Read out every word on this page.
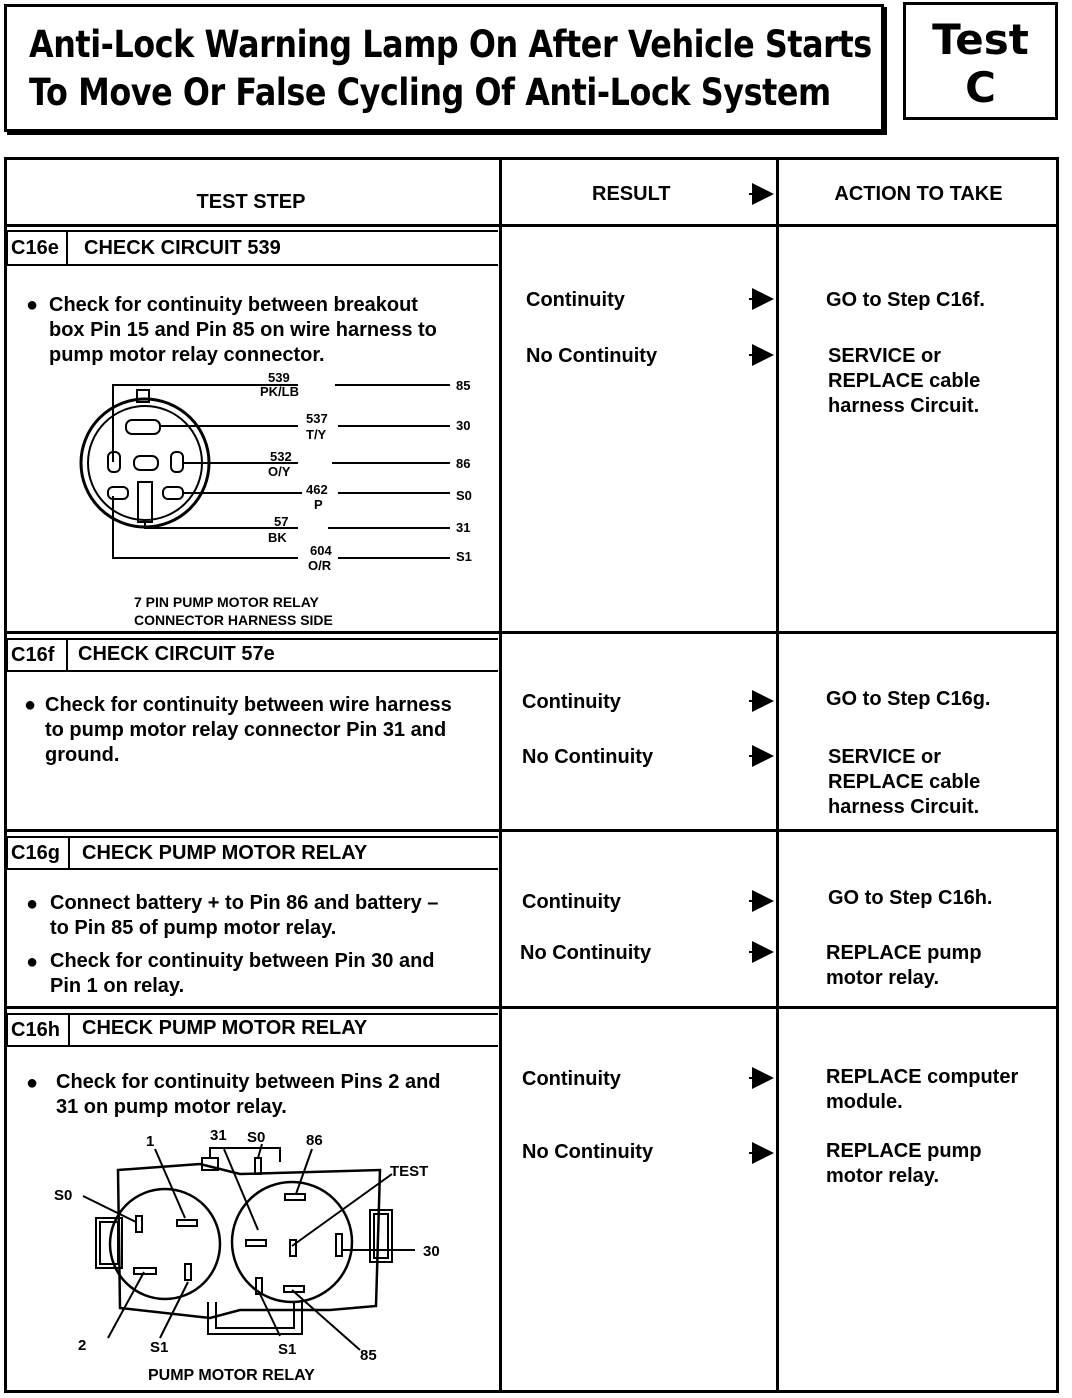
Anti-Lock Warning Lamp On After Vehicle Starts
To Move Or False Cycling Of Anti-Lock System
Test
C
TEST STEP	RESULT	ACTION TO TAKE
C16e CHECK CIRCUIT 539
● Check for continuity between breakout
box Pin 15 and Pin 85 on wire harness to
pump motor relay connector.
539
PK/LB	85
537
T/Y
30
532
O/Y
86
462
P
S0
57
BK
31
604
O/R
S1
7 PIN PUMP MOTOR RELAY
CONNECTOR HARNESS SIDE
Continuity	GO to Step C16f.
No Continuity	SERVICE or
REPLACE cable
harness Circuit.
C16f CHECK CIRCUIT 57e
● Check for continuity between wire harness
to pump motor relay connector Pin 31 and
ground.
Continuity	GO to Step C16g.
No Continuity	SERVICE or
REPLACE cable
harness Circuit.
C16g CHECK PUMP MOTOR RELAY
● Connect battery + to Pin 86 and battery –
to Pin 85 of pump motor relay.
● Check for continuity between Pin 30 and
Pin 1 on relay.
Continuity	GO to Step C16h.
No Continuity	REPLACE pump
motor relay.
C16h CHECK PUMP MOTOR RELAY
● Check for continuity between Pins 2 and
31 on pump motor relay.
1	31 S0	86
TEST
S0
30
2	S1	S1	85
PUMP MOTOR RELAY
Continuity	REPLACE computer
module.
No Continuity	REPLACE pump
motor relay.
